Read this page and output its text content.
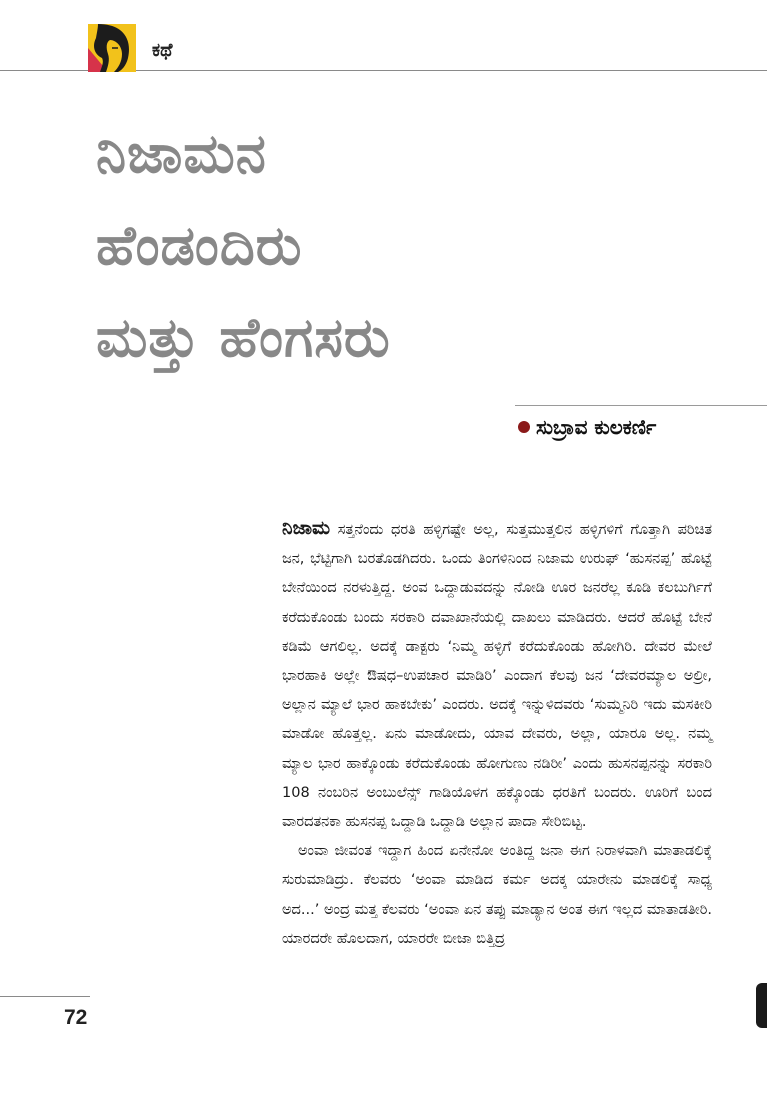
ಕಥೆ
ನಿಜಾಮನ
ಹೆಂಡಂದಿರು
ಮತ್ತು ಹೆಂಗಸರು
ಸುಬ್ರಾವ ಕುಲಕರ್ಣಿ

ನಿಜಾಮ ಸತ್ತನೆಂದು ಧರತಿ ಹಳ್ಳಿಗಷ್ಟೇ ಅಲ್ಲ, ಸುತ್ತಮುತ್ತಲಿನ ಹಳ್ಳಿಗಳಿಗೆ ಗೊತ್ತಾಗಿ ಪರಿಚಿತ ಜನ, ಭೆಟ್ಟಿಗಾಗಿ ಬರತೊಡಗಿದರು. ಒಂದು ತಿಂಗಳಿನಿಂದ ನಿಜಾಮ ಉರುಫ್ ‘ಹುಸನಪ್ಪ’ ಹೊಟ್ಟೆ ಬೇನೆಯಿಂದ ನರಳುತ್ತಿದ್ದ. ಅಂವ ಒದ್ದಾಡುವದನ್ನು ನೋಡಿ ಊರ ಜನರೆಲ್ಲ ಕೂಡಿ ಕಲಬುರ್ಗಿಗೆ ಕರೆದುಕೊಂಡು ಬಂದು ಸರಕಾರಿ ದವಾಖಾನೆಯಲ್ಲಿ ದಾಖಲು ಮಾಡಿದರು. ಆದರೆ ಹೊಟ್ಟೆ ಬೇನೆ ಕಡಿಮೆ ಆಗಲಿಲ್ಲ. ಅದಕ್ಕೆ ಡಾಕ್ಟರು ‘ನಿಮ್ಮ ಹಳ್ಳಿಗೆ ಕರೆದುಕೊಂಡು ಹೋಗಿರಿ. ದೇವರ ಮೇಲೆ ಭಾರಹಾಕಿ ಅಲ್ಲೇ ಔಷಧ–ಉಪಚಾರ ಮಾಡಿರಿ’ ಎಂದಾಗ ಕೆಲವು ಜನ ‘ದೇವರಮ್ಯಾಲ ಅಲ್ರೀ, ಅಲ್ಲಾನ ಮ್ಯಾಲೆ ಭಾರ ಹಾಕಬೇಕು’ ಎಂದರು. ಅದಕ್ಕೆ ಇನ್ನುಳಿದವರು ‘ಸುಮ್ಮನಿರಿ ಇದು ಮಸಕೀರಿ ಮಾಡೋ ಹೊತ್ತಲ್ಲ. ಏನು ಮಾಡೋದು, ಯಾವ ದೇವರು, ಅಲ್ಲಾ, ಯಾರೂ ಅಲ್ಲ. ನಮ್ಮ ಮ್ಯಾಲ ಭಾರ ಹಾಕ್ಕೊಂಡು ಕರೆದುಕೊಂಡು ಹೋಗುಣು ನಡಿರೀ’ ಎಂದು ಹುಸನಪ್ಪನನ್ನು ಸರಕಾರಿ 108 ನಂಬರಿನ ಅಂಬುಲೆನ್ಸ್ ಗಾಡಿಯೊಳಗ ಹಕ್ಕೊಂಡು ಧರತಿಗೆ ಬಂದರು. ಊರಿಗೆ ಬಂದ ವಾರದತನಕಾ ಹುಸನಪ್ಪ ಒದ್ದಾಡಿ ಒದ್ದಾಡಿ ಅಲ್ಲಾನ ಪಾದಾ ಸೇರಿಬಿಟ್ಟ.

ಅಂವಾ ಜೀವಂತ ಇದ್ದಾಗ ಹಿಂದ ಏನೇನೋ ಅಂತಿದ್ದ ಜನಾ ಈಗ ನಿರಾಳವಾಗಿ ಮಾತಾಡಲಿಕ್ಕೆ ಸುರುಮಾಡಿದ್ರು. ಕೆಲವರು ‘ಅಂವಾ ಮಾಡಿದ ಕರ್ಮ ಅದಕ್ಕ ಯಾರೇನು ಮಾಡಲಿಕ್ಕೆ ಸಾಧ್ಯ ಅದ...’ ಅಂದ್ರ ಮತ್ತ ಕೆಲವರು ‘ಅಂವಾ ಏನ ತಪ್ಪು ಮಾಡ್ಯಾನ ಅಂತ ಈಗ ಇಲ್ಲದ ಮಾತಾಡತೀರಿ. ಯಾರದರೇ ಹೊಲದಾಗ, ಯಾರರೇ ಬೀಜಾ ಬಿತ್ತಿದ್ರ

72
